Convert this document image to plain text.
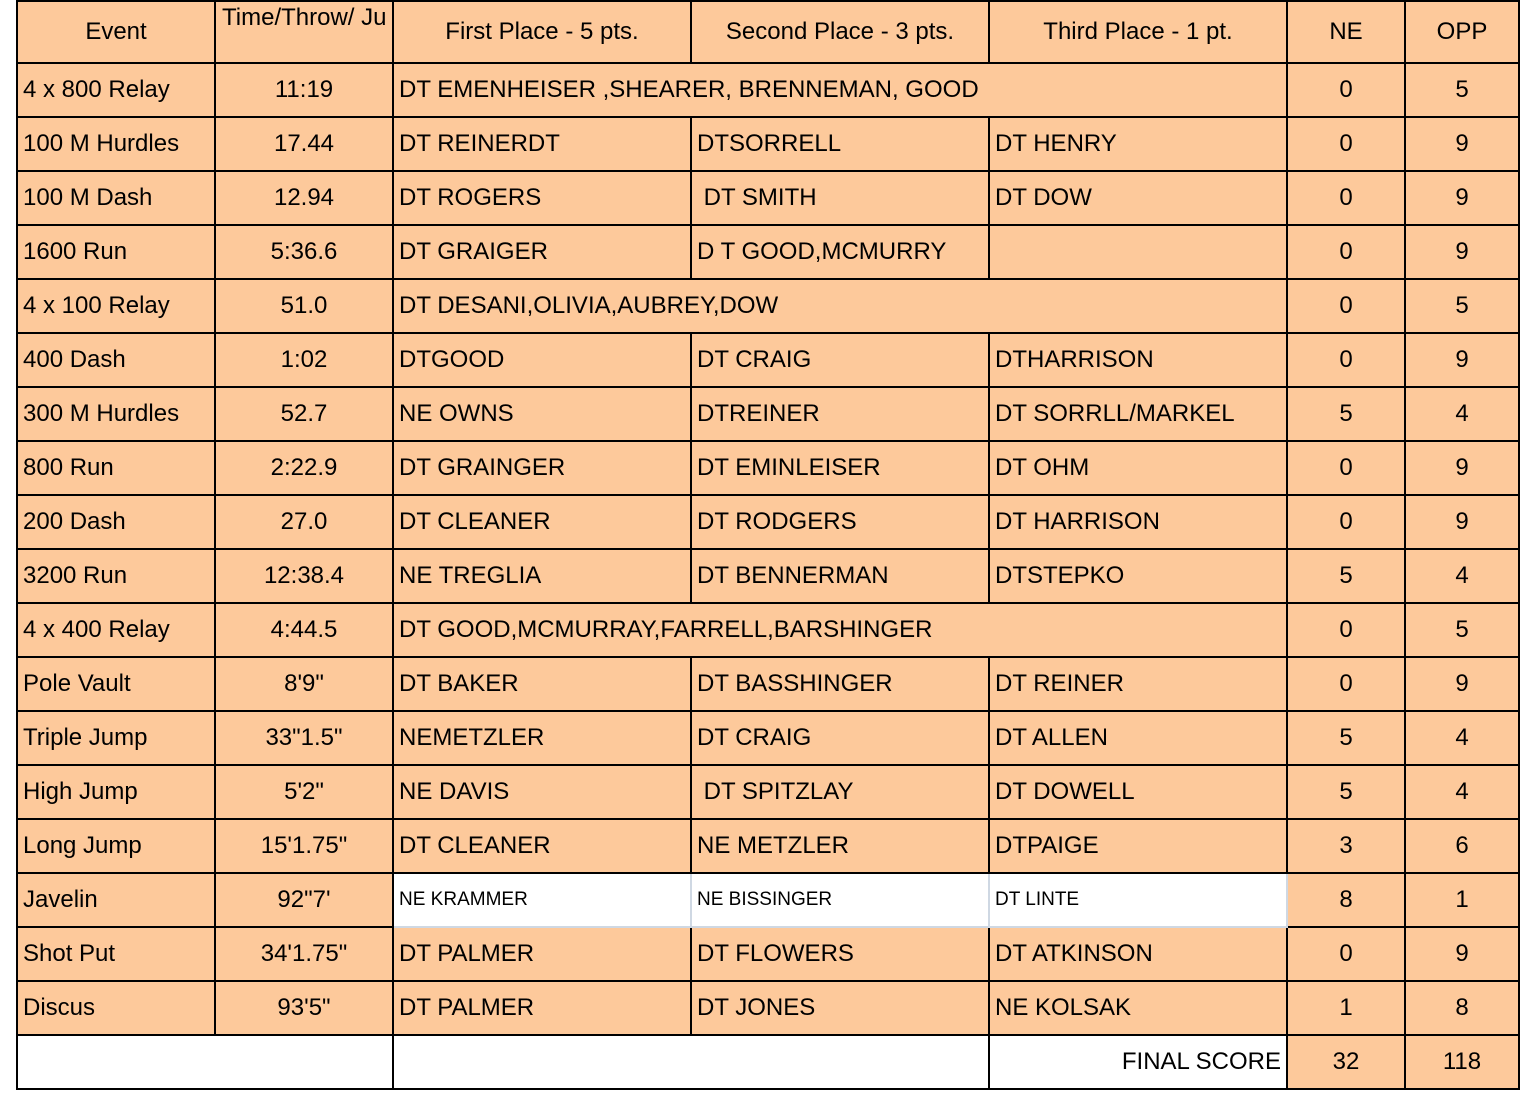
Event	Time/Throw/ Ju	First Place - 5 pts.	Second Place - 3 pts.	Third Place - 1 pt.	NE	OPP
4 x 800 Relay	11:19	DT EMENHEISER ,SHEARER, BRENNEMAN, GOOD			0	5
100 M Hurdles	17.44	DT REINERDT	DTSORRELL	DT HENRY	0	9
100 M Dash	12.94	DT ROGERS	DT SMITH	DT DOW	0	9
1600 Run	5:36.6	DT GRAIGER	D T GOOD,MCMURRY		0	9
4 x 100 Relay	51.0	DT DESANI,OLIVIA,AUBREY,DOW			0	5
400 Dash	1:02	DTGOOD	DT CRAIG	DTHARRISON	0	9
300 M Hurdles	52.7	NE OWNS	DTREINER	DT SORRLL/MARKEL	5	4
800 Run	2:22.9	DT GRAINGER	DT EMINLEISER	DT OHM	0	9
200 Dash	27.0	DT CLEANER	DT RODGERS	DT HARRISON	0	9
3200 Run	12:38.4	NE TREGLIA	DT BENNERMAN	DTSTEPKO	5	4
4 x 400 Relay	4:44.5	DT GOOD,MCMURRAY,FARRELL,BARSHINGER			0	5
Pole Vault	8'9"	DT BAKER	DT BASSHINGER	DT REINER	0	9
Triple Jump	33"1.5"	NEMETZLER	DT CRAIG	DT ALLEN	5	4
High Jump	5'2"	NE DAVIS	DT SPITZLAY	DT DOWELL	5	4
Long Jump	15'1.75"	DT CLEANER	NE METZLER	DTPAIGE	3	6
Javelin	92"7'	NE KRAMMER	NE BISSINGER	DT LINTE	8	1
Shot Put	34'1.75"	DT PALMER	DT FLOWERS	DT ATKINSON	0	9
Discus	93'5"	DT PALMER	DT JONES	NE KOLSAK	1	8
				FINAL SCORE	32	118
